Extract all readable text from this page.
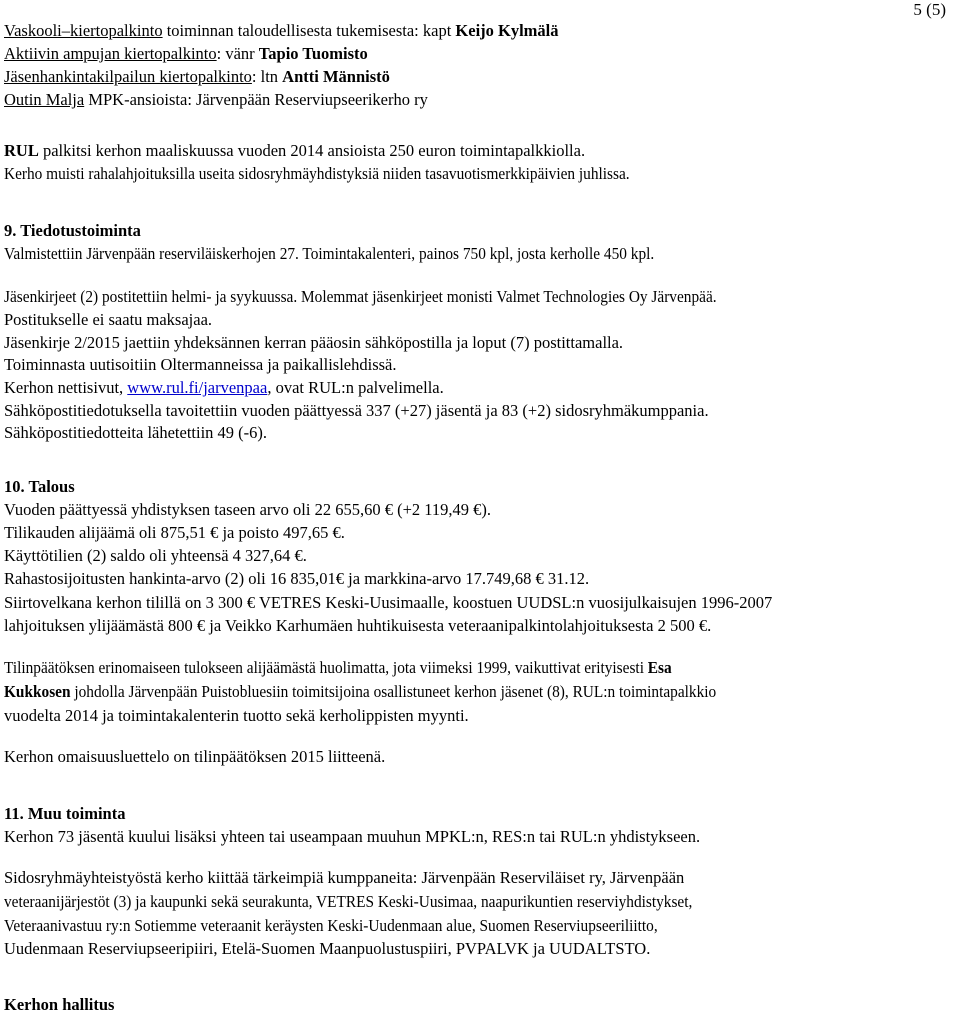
5 (5)
Vaskooli–kiertopalkinto toiminnan taloudellisesta tukemisesta: kapt Keijo Kylmälä
Aktiivin ampujan kiertopalkinto: vänr Tapio Tuomisto
Jäsenhankintakilpailun kiertopalkinto: ltn Antti Männistö
Outin Malja MPK-ansioista: Järvenpään Reserviupseerikerho ry
RUL palkitsi kerhon maaliskuussa vuoden 2014 ansioista 250 euron toimintapalkkiolla.
Kerho muisti rahalahjoituksilla useita sidosryhmäyhdistyksiä niiden tasavuotismerkkipäivien juhlissa.
9. Tiedotustoiminta
Valmistettiin Järvenpään reserviläiskerhojen 27. Toimintakalenteri, painos 750 kpl, josta kerholle 450 kpl.
Jäsenkirjeet (2) postitettiin helmi- ja syykuussa. Molemmat jäsenkirjeet monisti Valmet Technologies Oy Järvenpää.
Postitukselle ei saatu maksajaa.
Jäsenkirje 2/2015 jaettiin yhdeksännen kerran pääosin sähköpostilla ja loput (7) postittamalla.
Toiminnasta uutisoitiin Oltermanneissa ja paikallislehdissä.
Kerhon nettisivut, www.rul.fi/jarvenpaa, ovat RUL:n palvelimella.
Sähköpostitiedotuksella tavoitettiin vuoden päättyessä 337 (+27) jäsentä ja 83 (+2) sidosryhmäkumppania.
Sähköpostitiedotteita lähetettiin 49 (-6).
10. Talous
Vuoden päättyessä yhdistyksen taseen arvo oli 22 655,60 € (+2 119,49 €).
Tilikauden alijäämä oli 875,51 € ja poisto 497,65 €.
Käyttötilien (2) saldo oli yhteensä 4 327,64 €.
Rahastosijoitusten hankinta-arvo (2) oli 16 835,01€ ja markkina-arvo 17.749,68 € 31.12.
Siirtovelkana kerhon tilillä on 3 300 € VETRES Keski-Uusimaalle, koostuen UUDSL:n vuosijulkaisujen 1996-2007
lahjoituksen ylijäämästä 800 € ja Veikko Karhumäen huhtikuisesta veteraanipalkintolahjoituksesta 2 500 €.
Tilinpäätöksen erinomaiseen tulokseen alijäämästä huolimatta, jota viimeksi 1999, vaikuttivat erityisesti Esa
Kukkosen johdolla Järvenpään Puistobluesiin toimitsijoina osallistuneet kerhon jäsenet (8), RUL:n toimintapalkkio
vuodelta 2014 ja toimintakalenterin tuotto sekä kerholippisten myynti.
Kerhon omaisuusluettelo on tilinpäätöksen 2015 liitteenä.
11. Muu toiminta
Kerhon 73 jäsentä kuului lisäksi yhteen tai useampaan muuhun MPKL:n, RES:n tai RUL:n yhdistykseen.
Sidosryhmäyhteistyöstä kerho kiittää tärkeimpiä kumppaneita: Järvenpään Reserviläiset ry, Järvenpään
veteraanijärjestöt (3) ja kaupunki sekä seurakunta, VETRES Keski-Uusimaa, naapurikuntien reserviyhdistykset,
Veteraanivastuu ry:n Sotiemme veteraanit keräysten Keski-Uudenmaan alue, Suomen Reserviupseeriliitto,
Uudenmaan Reserviupseeripiiri, Etelä-Suomen Maanpuolustuspiiri, PVPALVK ja UUDALTSTO.
Kerhon hallitus
